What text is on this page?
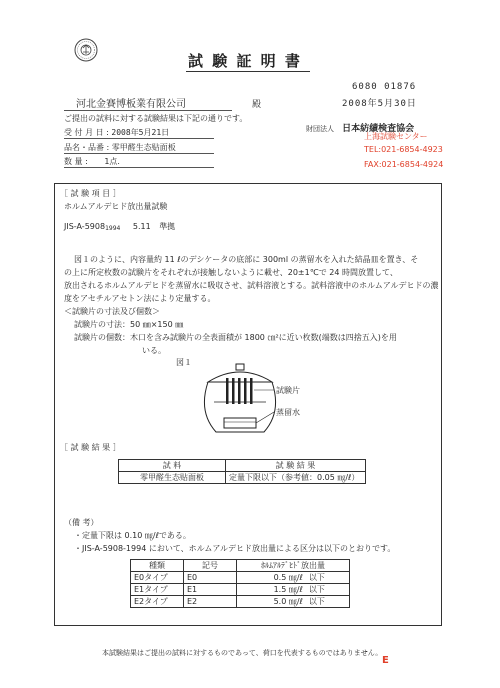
試 験 証 明 書
6080 01876
2008年5月30日
河北金賽博板業有限公司	殿
ご提出の試料に対する試験結果は下記の通りです。
受 付 月 日 : 2008年5月21日
品名・品番 : 零甲醛生态贴面板
数 量 : 1点.
財団法人 日本紡績検査協会
上海試験センター
TEL:021-6854-4923
FAX:021-6854-4924
［ 試 験 項 目 ］
ホルムアルデヒド放出量試験
JIS-A-59081994 5.11 準拠
図１のように、内容量約 11 ℓのデシケータの底部に 300ml の蒸留水を入れた結晶皿を置き、そ
の上に所定枚数の試験片をそれぞれが接触しないように載せ、20±1℃で 24 時間放置して、
放出されるホルムアルデヒドを蒸留水に吸収させ、試料溶液とする。試料溶液中のホルムアルデヒドの濃
度をアセチルアセトン法により定量する。
＜試験片の寸法及び個数＞
試験片の寸法：50 ㎜×150 ㎜
試験片の個数：木口を含み試験片の全表面積が 1800 ㎝²に近い枚数(端数は四捨五入)を用
いる。
図１
試験片
蒸留水
［ 試 験 結 果 ］
試 料	試 験 結 果
零甲醛生态贴面板	定量下限以下（参考値：0.05 ㎎/ℓ）
（備 考）
・定量下限は 0.10 ㎎/ℓである。
・JIS-A-5908-1994 において、ホルムアルデヒド放出量による区分は以下のとおりです。
種類	記号	ﾎﾙﾑｱﾙﾃﾞﾋﾄﾞ放出量	
E0タイプ	E0	0.5 ㎎/ℓ	以下
E1タイプ	E1	1.5 ㎎/ℓ	以下
E2タイプ	E2	5.0 ㎎/ℓ	以下
本試験結果はご提出の試料に対するものであって、荷口を代表するものではありません。
E
